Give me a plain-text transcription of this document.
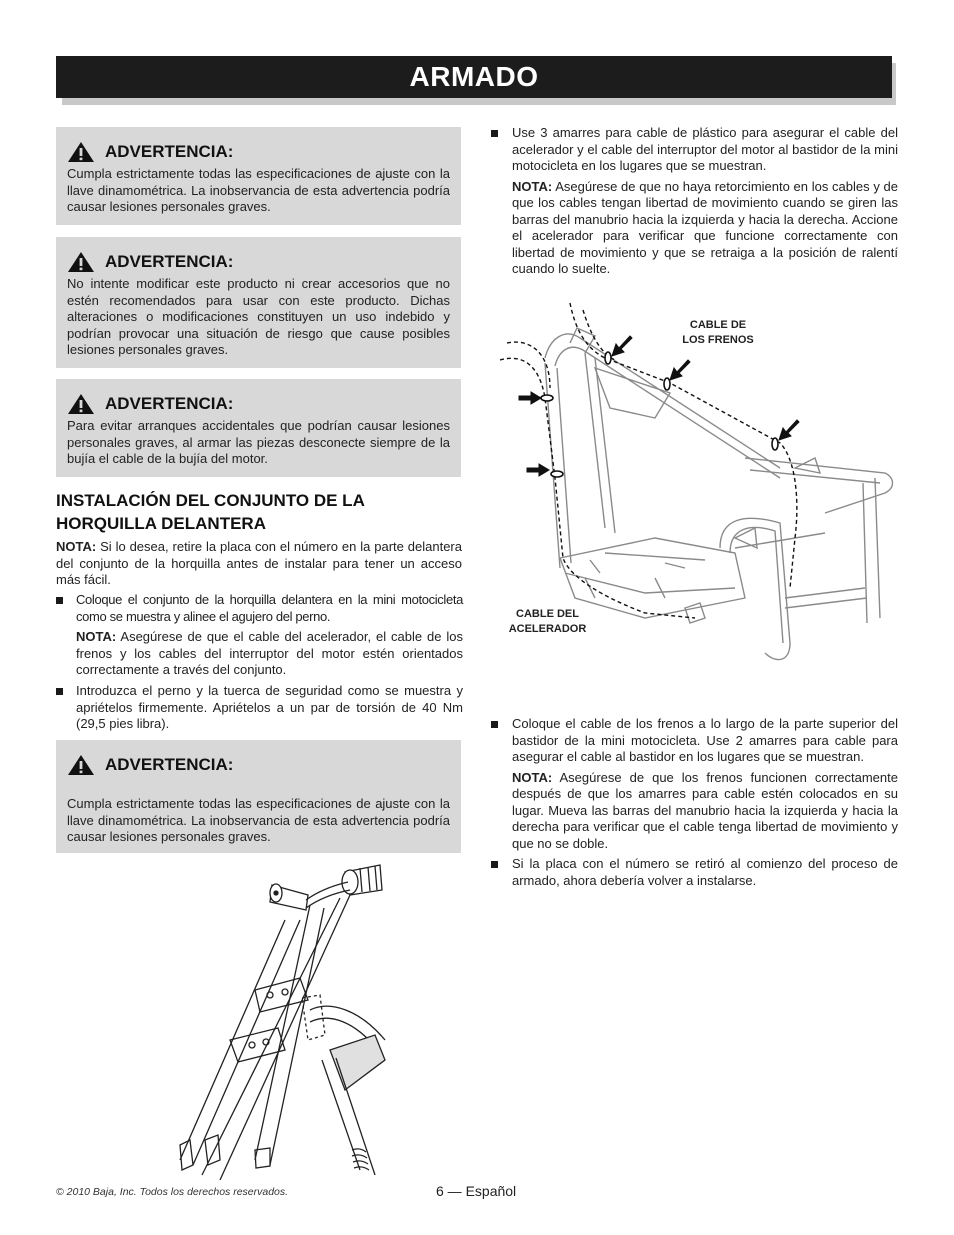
ARMADO
ADVERTENCIA:
Cumpla estrictamente todas las especificaciones de ajuste con la llave dinamométrica. La inobservancia de esta advertencia podría causar lesiones personales graves.
ADVERTENCIA:
No intente modificar este producto ni crear accesorios que no estén recomendados para usar con este producto. Dichas alteraciones o modificaciones constituyen un uso indebido y podrían provocar una situación de riesgo que cause posibles lesiones personales graves.
ADVERTENCIA:
Para evitar arranques accidentales que podrían causar lesiones personales graves, al armar las piezas desconecte siempre de la bujía el cable de la bujía del motor.
INSTALACIÓN DEL CONJUNTO DE LA HORQUILLA DELANTERA
NOTA: Si lo desea, retire la placa con el número en la parte delantera del conjunto de la horquilla antes de instalar para tener un acceso más fácil.
Coloque el conjunto de la horquilla delantera en la mini motocicleta como se muestra y alinee el agujero del perno.
NOTA: Asegúrese de que el cable del acelerador, el cable de los frenos y los cables del interruptor del motor estén orientados correctamente a través del conjunto.
Introduzca el perno y la tuerca de seguridad como se muestra y apriételos firmemente. Apriételos a un par de torsión de 40 Nm (29,5 pies libra).
ADVERTENCIA:
Cumpla estrictamente todas las especificaciones de ajuste con la llave dinamométrica. La inobservancia de esta advertencia podría causar lesiones personales graves.
Use 3 amarres para cable de plástico para asegurar el cable del acelerador y el cable del interruptor del motor al bastidor de la mini motocicleta en los lugares que se muestran.
NOTA: Asegúrese de que no haya retorcimiento en los cables y de que los cables tengan libertad de movimiento cuando se giren las barras del manubrio hacia la izquierda y hacia la derecha. Accione el acelerador para verificar que funcione correctamente con libertad de movimiento y que se retraiga a la posición de ralentí cuando lo suelte.
CABLE DE
LOS FRENOS
CABLE DEL
ACELERADOR
Coloque el cable de los frenos a lo largo de la parte superior del bastidor de la mini motocicleta. Use 2 amarres para cable para asegurar el cable al bastidor en los lugares que se muestran.
NOTA: Asegúrese de que los frenos funcionen correctamente después de que los amarres para cable estén colocados en su lugar. Mueva las barras del manubrio hacia la izquierda y hacia la derecha para verificar que el cable tenga libertad de movimiento y que no se doble.
Si la placa con el número se retiró al comienzo del proceso de armado, ahora debería volver a instalarse.
© 2010 Baja, Inc. Todos los derechos reservados.	6 — Español
